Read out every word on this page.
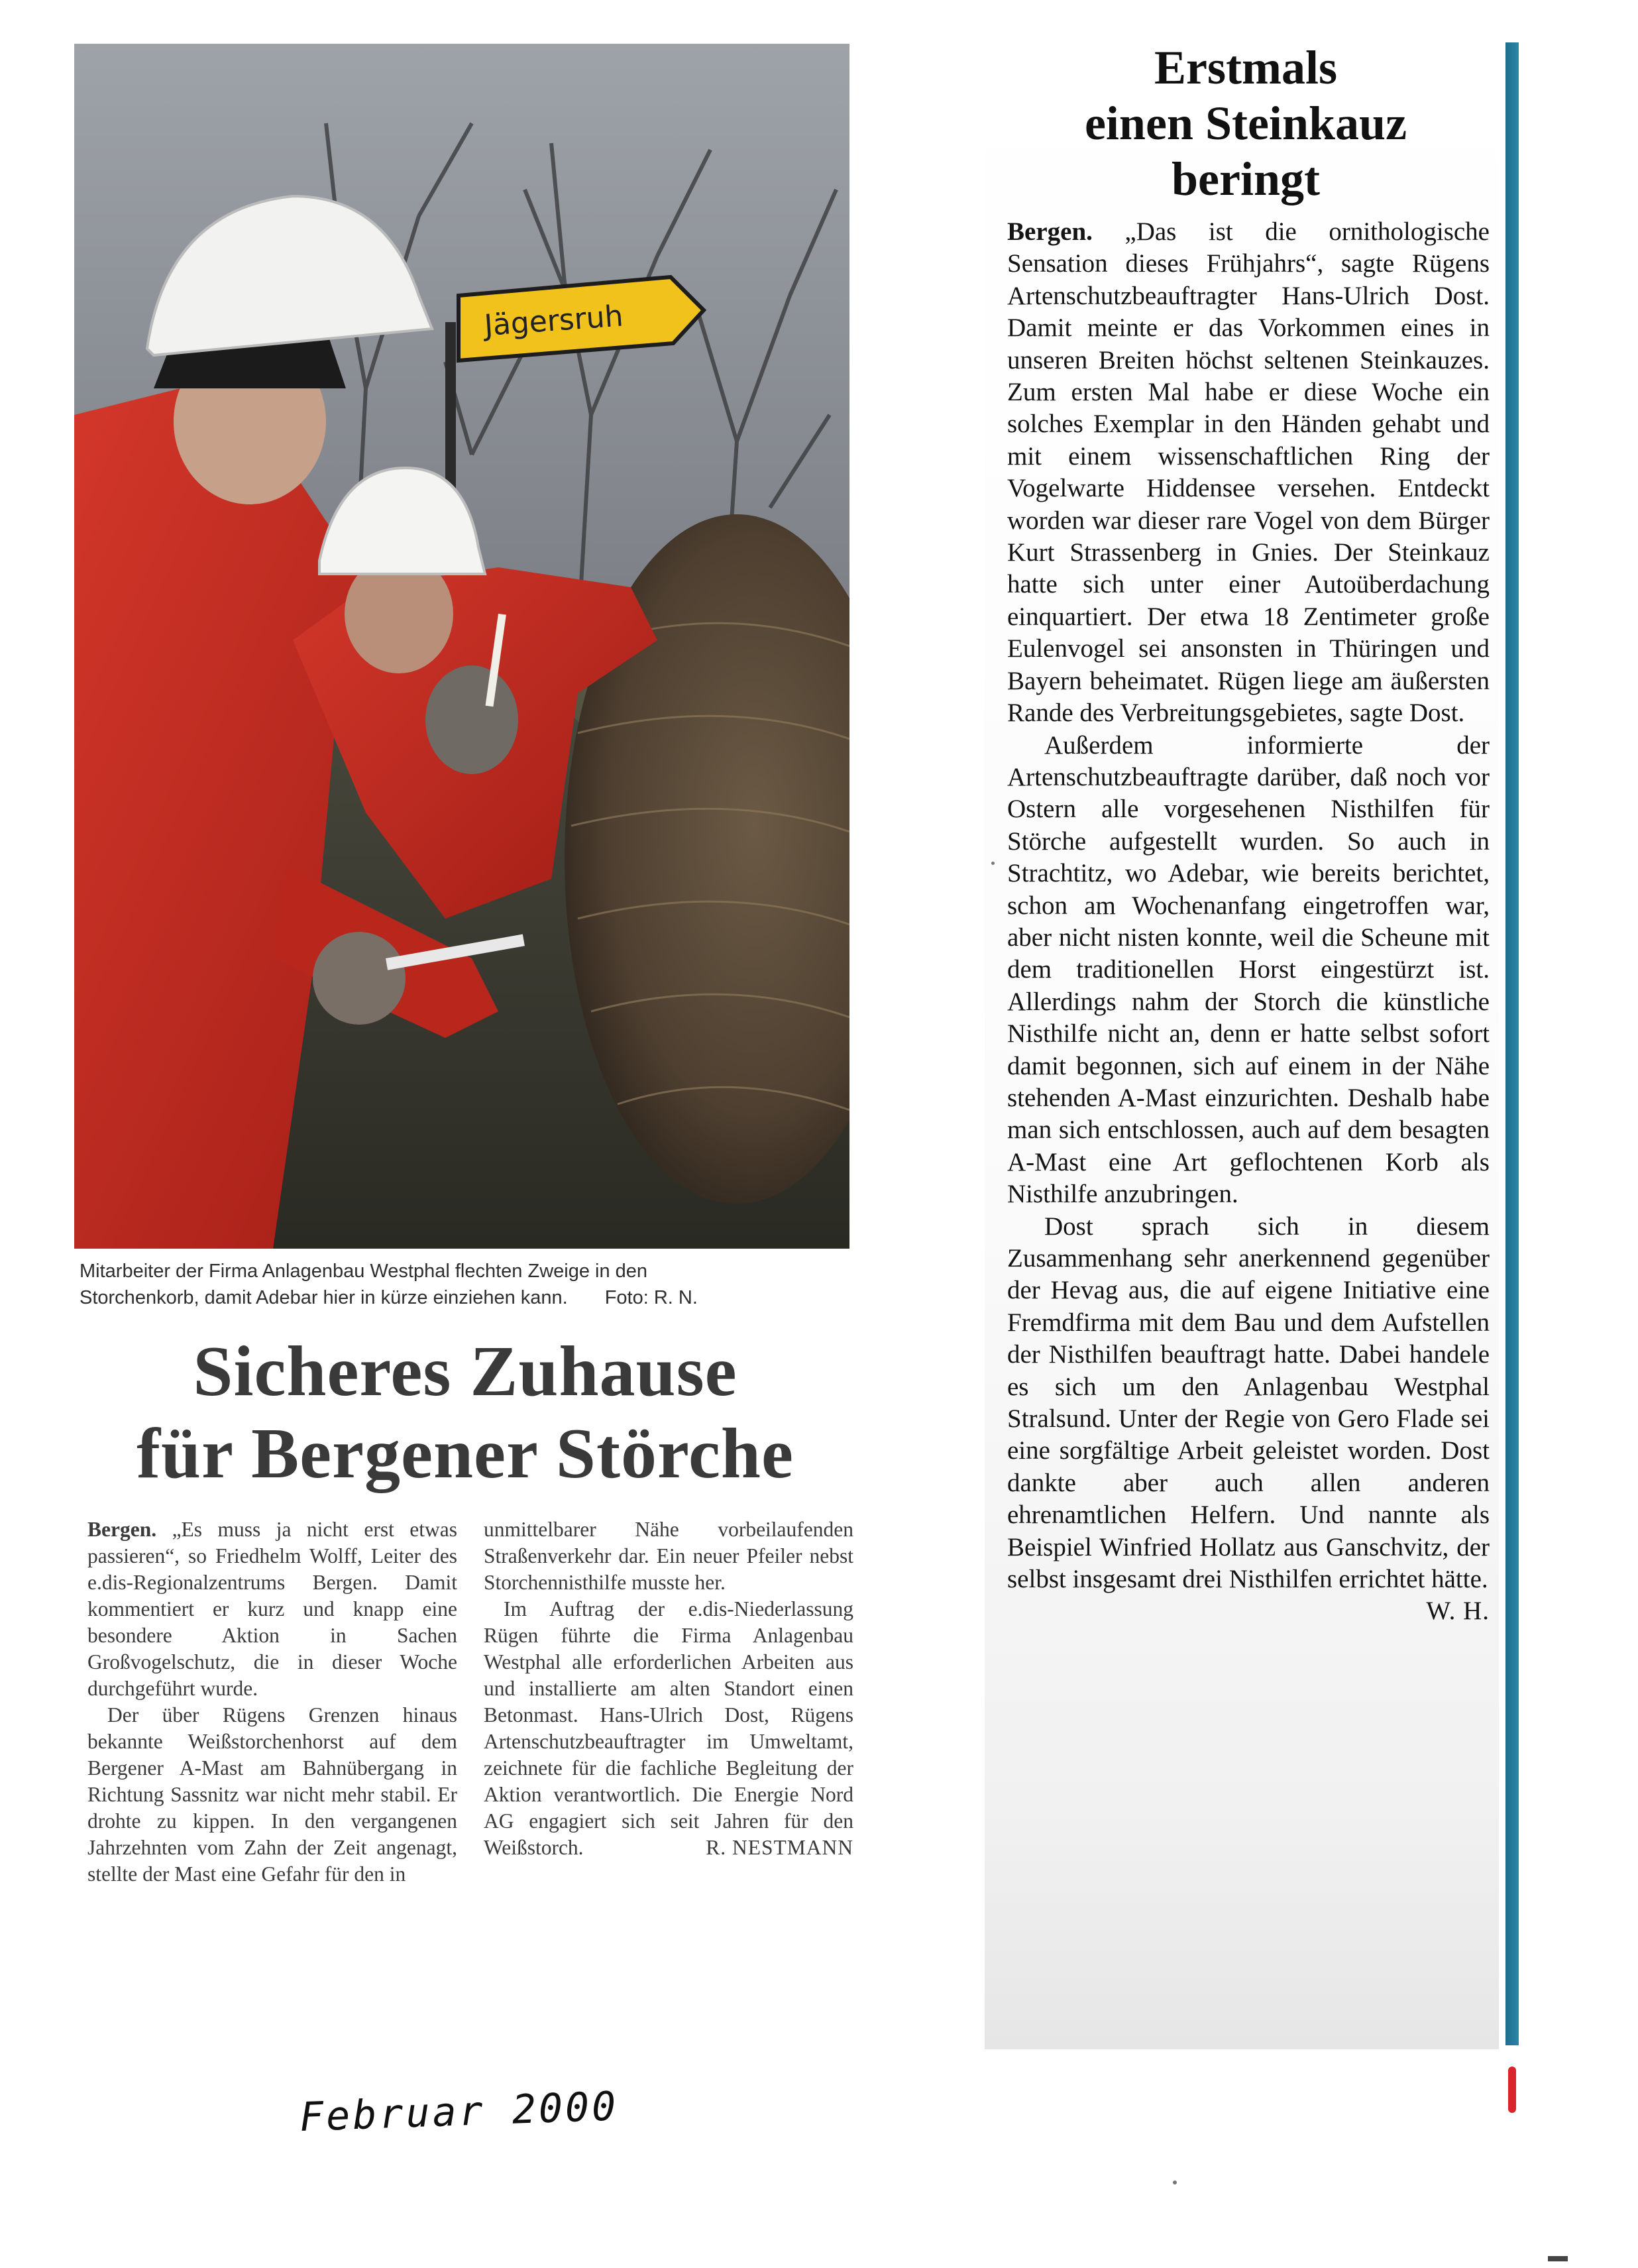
Jägersruh
Mitarbeiter der Firma Anlagenbau Westphal flechten Zweige in den
Storchenkorb, damit Adebar hier in kürze einziehen kann. Foto: R. N.
Sicheres Zuhause
für Bergener Störche

Bergen. „Es muss ja nicht erst etwas passieren“, so Friedhelm Wolff, Leiter des e.dis-Regionalzentrums Bergen. Damit kommentiert er kurz und knapp eine besondere Aktion in Sachen Großvogelschutz, die in dieser Woche durchgeführt wurde.

Der über Rügens Grenzen hinaus bekannte Weißstorchenhorst auf dem Bergener A-Mast am Bahnübergang in Richtung Sassnitz war nicht mehr stabil. Er drohte zu kippen. In den vergangenen Jahrzehnten vom Zahn der Zeit angenagt, stellte der Mast eine Gefahr für den in

unmittelbarer Nähe vorbeilaufenden Straßenverkehr dar. Ein neuer Pfeiler nebst Storchennisthilfe musste her.

Im Auftrag der e.dis-Niederlassung Rügen führte die Firma Anlagenbau Westphal alle erforderlichen Arbeiten aus und installierte am alten Standort einen Betonmast. Hans-Ulrich Dost, Rügens Artenschutzbeauftragter im Umweltamt, zeichnete für die fachliche Begleitung der Aktion verantwortlich. Die Energie Nord AG engagiert sich seit Jahren für den Weißstorch.	R. NESTMANN

Erstmals
einen Steinkauz
beringt

Bergen. „Das ist die ornithologische Sensation dieses Frühjahrs“, sagte Rügens Artenschutzbeauftragter Hans-Ulrich Dost. Damit meinte er das Vorkommen eines in unseren Breiten höchst seltenen Steinkauzes. Zum ersten Mal habe er diese Woche ein solches Exemplar in den Händen gehabt und mit einem wissenschaftlichen Ring der Vogelwarte Hiddensee versehen. Entdeckt worden war dieser rare Vogel von dem Bürger Kurt Strassenberg in Gnies. Der Steinkauz hatte sich unter einer Autoüberdachung einquartiert. Der etwa 18 Zentimeter große Eulenvogel sei ansonsten in Thüringen und Bayern beheimatet. Rügen liege am äußersten Rande des Verbreitungsgebietes, sagte Dost.

Außerdem informierte der Artenschutzbeauftragte darüber, daß noch vor Ostern alle vorgesehenen Nisthilfen für Störche aufgestellt wurden. So auch in Strachtitz, wo Adebar, wie bereits berichtet, schon am Wochenanfang eingetroffen war, aber nicht nisten konnte, weil die Scheune mit dem traditionellen Horst eingestürzt ist. Allerdings nahm der Storch die künstliche Nisthilfe nicht an, denn er hatte selbst sofort damit begonnen, sich auf einem in der Nähe stehenden A-Mast einzurichten. Deshalb habe man sich entschlossen, auch auf dem besagten A-Mast eine Art geflochtenen Korb als Nisthilfe anzubringen.

Dost sprach sich in diesem Zusammenhang sehr anerkennend gegenüber der Hevag aus, die auf eigene Initiative eine Fremdfirma mit dem Bau und dem Aufstellen der Nisthilfen beauftragt hatte. Dabei handele es sich um den Anlagenbau Westphal Stralsund. Unter der Regie von Gero Flade sei eine sorgfältige Arbeit geleistet worden. Dost dankte aber auch allen anderen ehrenamtlichen Helfern. Und nannte als Beispiel Winfried Hollatz aus Ganschvitz, der selbst insgesamt drei Nisthilfen errichtet hätte.
W. H.

Februar 2000
